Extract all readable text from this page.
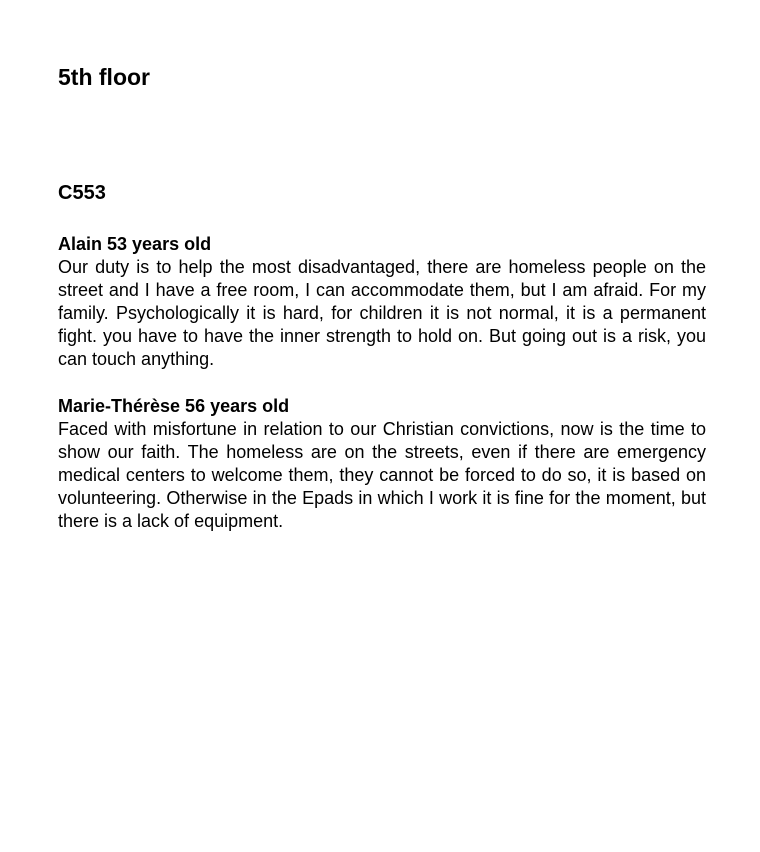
5th floor
C553

Alain 53 years old

Our duty is to help the most disadvantaged, there are homeless people on the street and I have a free room, I can accommodate them, but I am afraid. For my family. Psychologically it is hard, for children it is not normal, it is a permanent fight. you have to have the inner strength to hold on. But going out is a risk, you can touch anything.

Marie-Thérèse 56 years old

Faced with misfortune in relation to our Christian convictions, now is the time to show our faith. The homeless are on the streets, even if there are emergency medical centers to welcome them, they cannot be forced to do so, it is based on volunteering. Otherwise in the Epads in which I work it is fine for the moment, but there is a lack of equipment.
